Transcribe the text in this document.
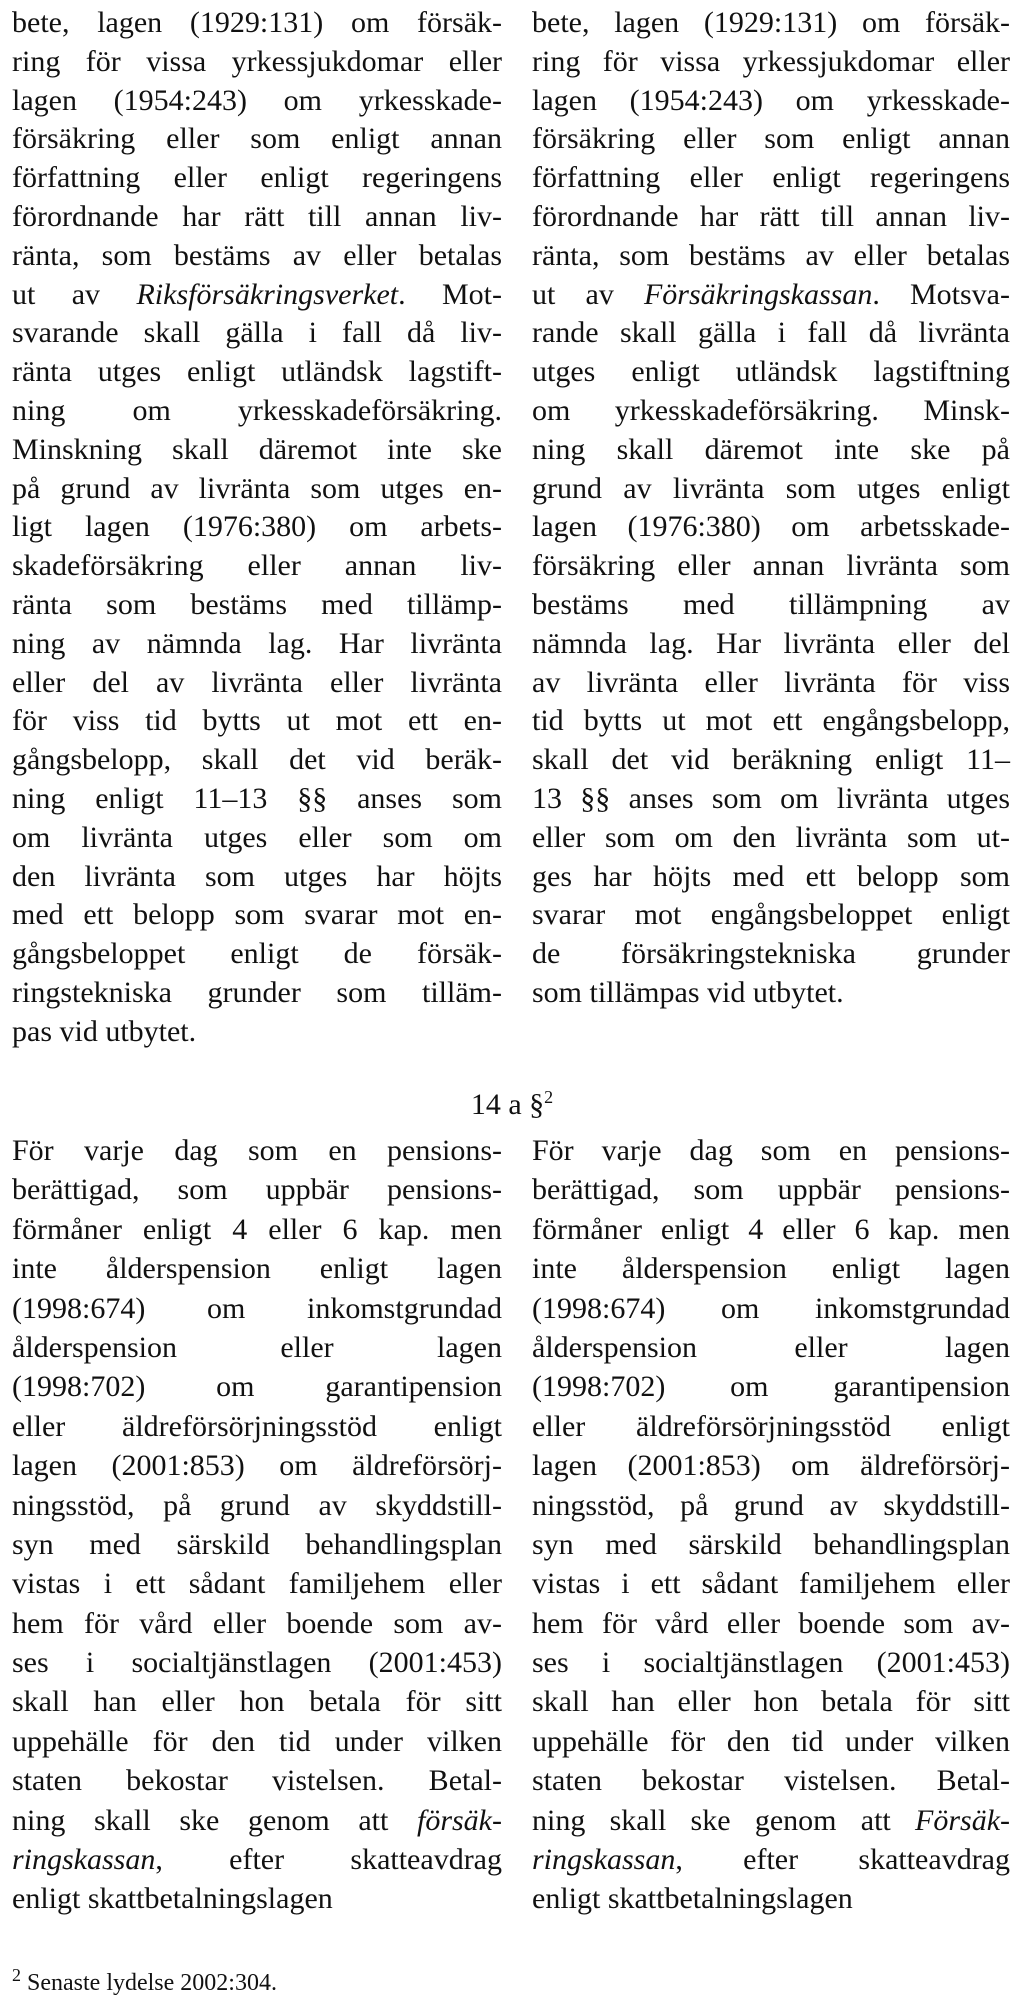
bete, lagen (1929:131) om försäk-
ring för vissa yrkessjukdomar eller
lagen (1954:243) om yrkesskade-
försäkring eller som enligt annan
författning eller enligt regeringens
förordnande har rätt till annan liv-
ränta, som bestäms av eller betalas
ut av Riksförsäkringsverket. Mot-
svarande skall gälla i fall då liv-
ränta utges enligt utländsk lagstift-
ning om yrkesskadeförsäkring.
Minskning skall däremot inte ske
på grund av livränta som utges en-
ligt lagen (1976:380) om arbets-
skadeförsäkring eller annan liv-
ränta som bestäms med tillämp-
ning av nämnda lag. Har livränta
eller del av livränta eller livränta
för viss tid bytts ut mot ett en-
gångsbelopp, skall det vid beräk-
ning enligt 11–13 §§ anses som
om livränta utges eller som om
den livränta som utges har höjts
med ett belopp som svarar mot en-
gångsbeloppet enligt de försäk-
ringstekniska grunder som tilläm-
pas vid utbytet.
bete, lagen (1929:131) om försäk-
ring för vissa yrkessjukdomar eller
lagen (1954:243) om yrkesskade-
försäkring eller som enligt annan
författning eller enligt regeringens
förordnande har rätt till annan liv-
ränta, som bestäms av eller betalas
ut av Försäkringskassan. Motsva-
rande skall gälla i fall då livränta
utges enligt utländsk lagstiftning
om yrkesskadeförsäkring. Minsk-
ning skall däremot inte ske på
grund av livränta som utges enligt
lagen (1976:380) om arbetsskade-
försäkring eller annan livränta som
bestäms med tillämpning av
nämnda lag. Har livränta eller del
av livränta eller livränta för viss
tid bytts ut mot ett engångsbelopp,
skall det vid beräkning enligt 11–
13 §§ anses som om livränta utges
eller som om den livränta som ut-
ges har höjts med ett belopp som
svarar mot engångsbeloppet enligt
de försäkringstekniska grunder
som tillämpas vid utbytet.
14 a §$^2$
För varje dag som en pensions-
berättigad, som uppbär pensions-
förmåner enligt 4 eller 6 kap. men
inte ålderspension enligt lagen
(1998:674) om inkomstgrundad
ålderspension eller lagen
(1998:702) om garantipension
eller äldreförsörjningsstöd enligt
lagen (2001:853) om äldreförsörj-
ningsstöd, på grund av skyddstill-
syn med särskild behandlingsplan
vistas i ett sådant familjehem eller
hem för vård eller boende som av-
ses i socialtjänstlagen (2001:453)
skall han eller hon betala för sitt
uppehälle för den tid under vilken
staten bekostar vistelsen. Betal-
ning skall ske genom att försäk-
ringskassan, efter skatteavdrag
enligt skattbetalningslagen
För varje dag som en pensions-
berättigad, som uppbär pensions-
förmåner enligt 4 eller 6 kap. men
inte ålderspension enligt lagen
(1998:674) om inkomstgrundad
ålderspension eller lagen
(1998:702) om garantipension
eller äldreförsörjningsstöd enligt
lagen (2001:853) om äldreförsörj-
ningsstöd, på grund av skyddstill-
syn med särskild behandlingsplan
vistas i ett sådant familjehem eller
hem för vård eller boende som av-
ses i socialtjänstlagen (2001:453)
skall han eller hon betala för sitt
uppehälle för den tid under vilken
staten bekostar vistelsen. Betal-
ning skall ske genom att Försäk-
ringskassan, efter skatteavdrag
enligt skattbetalningslagen
$^2$ Senaste lydelse 2002:304.
